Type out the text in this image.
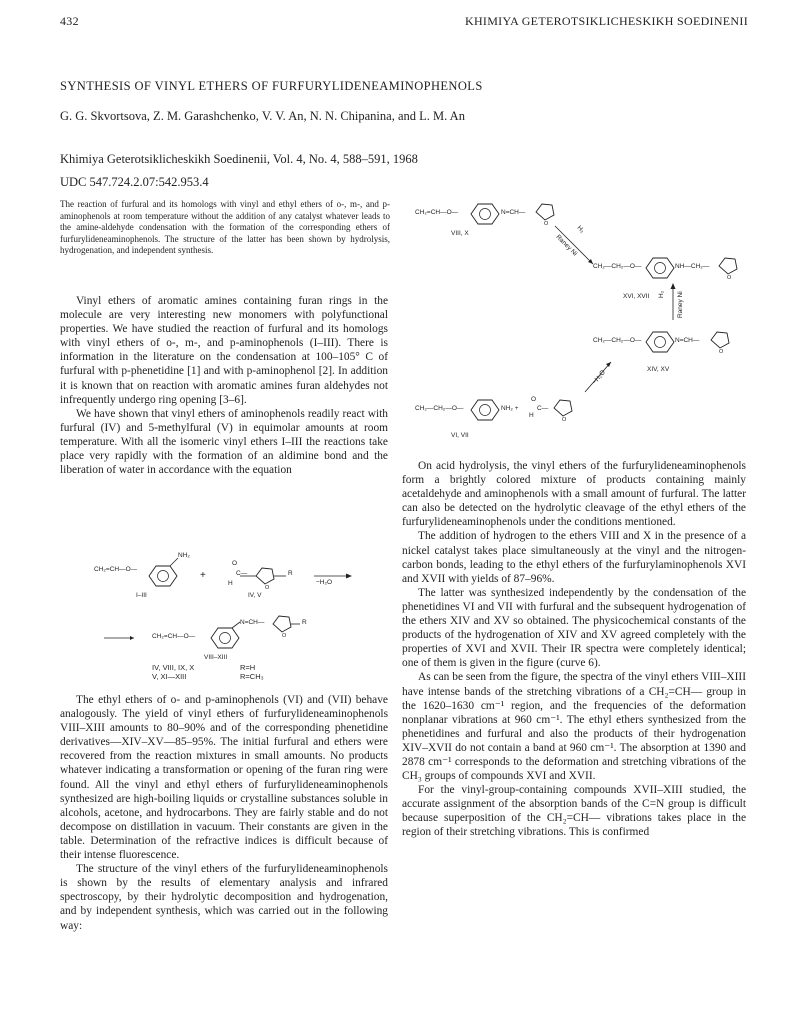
432	KHIMIYA GETEROTSIKLICHESKIKH SOEDINENII
SYNTHESIS OF VINYL ETHERS OF FURFURYLIDENEAMINOPHENOLS
G. G. Skvortsova, Z. M. Garashchenko, V. V. An, N. N. Chipanina, and L. M. An
Khimiya Geterotsiklicheskikh Soedinenii, Vol. 4, No. 4, 588–591, 1968
UDC 547.724.2.07:542.953.4
The reaction of furfural and its homologs with vinyl and ethyl ethers of o-, m-, and p-aminophenols at room temperature without the addition of any catalyst whatever leads to the amine-aldehyde condensation with the formation of the corresponding ethers of furfurylideneaminophenols. The structure of the latter has been shown by hydrolysis, hydrogenation, and independent synthesis.

Vinyl ethers of aromatic amines containing furan rings in the molecule are very interesting new monomers with polyfunctional properties. We have studied the reaction of furfural and its homologs with vinyl ethers of o-, m-, and p-aminophenols (I–III). There is information in the literature on the condensation at 100–105° C of furfural with p-phenetidine [1] and with p-aminophenol [2]. In addition it is known that on reaction with aromatic amines furan aldehydes not infrequently undergo ring opening [3–6].

We have shown that vinyl ethers of aminophenols readily react with furfural (IV) and 5-methylfural (V) in equimolar amounts at room temperature. With all the isomeric vinyl ethers I–III the reactions take place very rapidly with the formation of an aldimine bond and the liberation of water in accordance with the equation

CH₂=CH—O—
NH₂
+
O
H
C—
O
R
−H₂O
I–III	IV, V
CH₂=CH—O—
N=CH—
O
R
VIII–XIII
IV, VIII, IX, X	R=H
V, XI—XIII	R=CH₃

The ethyl ethers of o- and p-aminophenols (VI) and (VII) behave analogously. The yield of vinyl ethers of furfurylideneaminophenols VIII–XIII amounts to 80–90% and of the corresponding phenetidine derivatives—XIV–XV—85–95%. The initial furfural and ethers were recovered from the reaction mixtures in small amounts. No products whatever indicating a transformation or opening of the furan ring were found. All the vinyl and ethyl ethers of furfurylideneaminophenols synthesized are high-boiling liquids or crystalline substances soluble in alcohols, acetone, and hydrocarbons. They are fairly stable and do not decompose on distillation in vacuum. Their constants are given in the table. Determination of the refractive indices is difficult because of their intense fluorescence.

The structure of the vinyl ethers of the furfurylideneaminophenols is shown by the results of elementary analysis and infrared spectroscopy, by their hydrolytic decomposition and hydrogenation, and by independent synthesis, which was carried out in the following way:

CH₂=CH—O—	N=CH—
O
VIII, X	H₂
Raney Ni
CH₂—CH₂—O—	NH—CH₂—
O
XVI, XVII H₂ Raney Ni
CH₂—CH₂—O—	N=CH—
O
XIV, XV
−H₂O
CH₂—CH₂—O—	NH₂ +
O
H
C—
O
VI, VII

On acid hydrolysis, the vinyl ethers of the furfurylideneaminophenols form a brightly colored mixture of products containing mainly acetaldehyde and aminophenols with a small amount of furfural. The latter can also be detected on the hydrolytic cleavage of the ethyl ethers of the furfurylideneaminophenols under the conditions mentioned.

The addition of hydrogen to the ethers VIII and X in the presence of a nickel catalyst takes place simultaneously at the vinyl and the nitrogen-carbon bonds, leading to the ethyl ethers of the furfurylaminophenols XVI and XVII with yields of 87–96%.

The latter was synthesized independently by the condensation of the phenetidines VI and VII with furfural and the subsequent hydrogenation of the ethers XIV and XV so obtained. The physicochemical constants of the products of the hydrogenation of XIV and XV agreed completely with the properties of XVI and XVII. Their IR spectra were completely identical; one of them is given in the figure (curve 6).

As can be seen from the figure, the spectra of the vinyl ethers VIII–XIII have intense bands of the stretching vibrations of a CH₂=CH— group in the 1620–1630 cm⁻¹ region, and the frequencies of the deformation nonplanar vibrations at 960 cm⁻¹. The ethyl ethers synthesized from the phenetidines and furfural and also the products of their hydrogenation XIV–XVII do not contain a band at 960 cm⁻¹. The absorption at 1390 and 2878 cm⁻¹ corresponds to the deformation and stretching vibrations of the CH₃ groups of compounds XVI and XVII.

For the vinyl-group-containing compounds XVII–XIII studied, the accurate assignment of the absorption bands of the C=N group is difficult because superposition of the CH₂=CH— vibrations takes place in the region of their stretching vibrations. This is confirmed
